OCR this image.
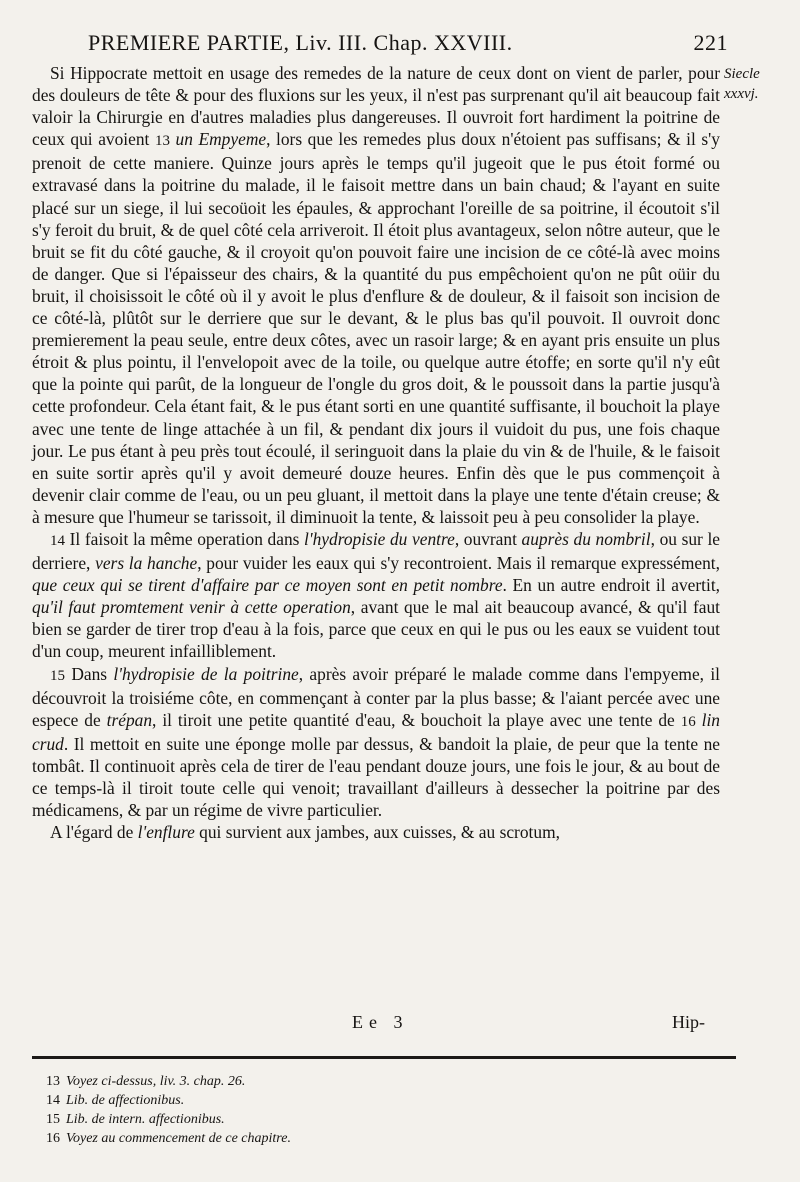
PREMIERE PARTIE, Liv. III. Chap. XXVIII.	221
Siecle
xxxvj.

Si Hippocrate mettoit en usage des remedes de la nature de ceux dont on vient de parler, pour des douleurs de tête & pour des fluxions sur les yeux, il n'est pas surprenant qu'il ait beaucoup fait valoir la Chirurgie en d'autres maladies plus dangereuses. Il ouvroit fort hardiment la poitrine de ceux qui avoient 13 un Empyeme, lors que les remedes plus doux n'étoient pas suffisans; & il s'y prenoit de cette maniere. Quinze jours après le temps qu'il jugeoit que le pus étoit formé ou extravasé dans la poitrine du malade, il le faisoit mettre dans un bain chaud; & l'ayant en suite placé sur un siege, il lui secoüoit les épaules, & approchant l'oreille de sa poitrine, il écoutoit s'il s'y feroit du bruit, & de quel côté cela arriveroit. Il étoit plus avantageux, selon nôtre auteur, que le bruit se fit du côté gauche, & il croyoit qu'on pouvoit faire une incision de ce côté-là avec moins de danger. Que si l'épaisseur des chairs, & la quantité du pus empêchoient qu'on ne pût oüir du bruit, il choisissoit le côté où il y avoit le plus d'enflure & de douleur, & il faisoit son incision de ce côté-là, plûtôt sur le derriere que sur le devant, & le plus bas qu'il pouvoit. Il ouvroit donc premierement la peau seule, entre deux côtes, avec un rasoir large; & en ayant pris ensuite un plus étroit & plus pointu, il l'envelopoit avec de la toile, ou quelque autre étoffe; en sorte qu'il n'y eût que la pointe qui parût, de la longueur de l'ongle du gros doit, & le poussoit dans la partie jusqu'à cette profondeur. Cela étant fait, & le pus étant sorti en une quantité suffisante, il bouchoit la playe avec une tente de linge attachée à un fil, & pendant dix jours il vuidoit du pus, une fois chaque jour. Le pus étant à peu près tout écoulé, il seringuoit dans la plaie du vin & de l'huile, & le faisoit en suite sortir après qu'il y avoit demeuré douze heures. Enfin dès que le pus commençoit à devenir clair comme de l'eau, ou un peu gluant, il mettoit dans la playe une tente d'étain creuse; & à mesure que l'humeur se tarissoit, il diminuoit la tente, & laissoit peu à peu consolider la playe.

14 Il faisoit la même operation dans l'hydropisie du ventre, ouvrant auprès du nombril, ou sur le derriere, vers la hanche, pour vuider les eaux qui s'y recontroient. Mais il remarque expressément, que ceux qui se tirent d'affaire par ce moyen sont en petit nombre. En un autre endroit il avertit, qu'il faut promtement venir à cette operation, avant que le mal ait beaucoup avancé, & qu'il faut bien se garder de tirer trop d'eau à la fois, parce que ceux en qui le pus ou les eaux se vuident tout d'un coup, meurent infailliblement.

15 Dans l'hydropisie de la poitrine, après avoir préparé le malade comme dans l'empyeme, il découvroit la troisiéme côte, en commençant à conter par la plus basse; & l'aiant percée avec une espece de trépan, il tiroit une petite quantité d'eau, & bouchoit la playe avec une tente de 16 lin crud. Il mettoit en suite une éponge molle par dessus, & bandoit la plaie, de peur que la tente ne tombât. Il continuoit après cela de tirer de l'eau pendant douze jours, une fois le jour, & au bout de ce temps-là il tiroit toute celle qui venoit; travaillant d'ailleurs à dessecher la poitrine par des médicamens, & par un régime de vivre particulier.

A l'égard de l'enflure qui survient aux jambes, aux cuisses, & au scrotum,

Ee 3	Hip-
13 Voyez ci-dessus, liv. 3. chap. 26.
14 Lib. de affectionibus.
15 Lib. de intern. affectionibus.
16 Voyez au commencement de ce chapitre.
